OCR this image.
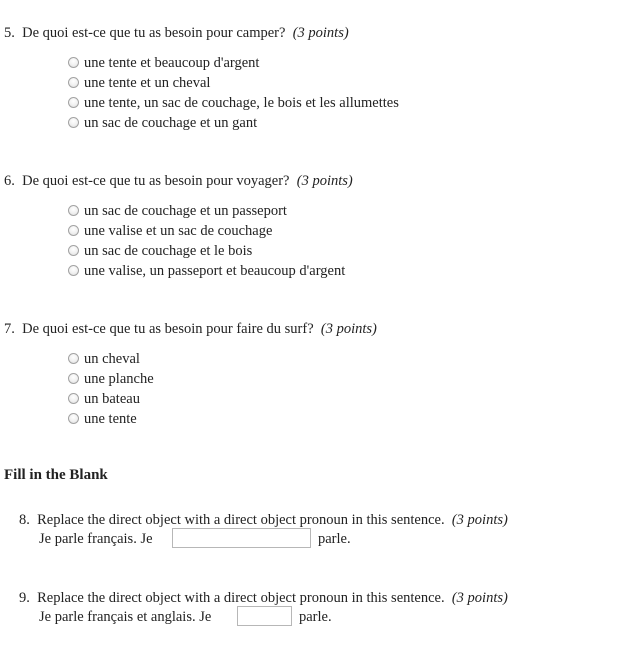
5. De quoi est-ce que tu as besoin pour camper? (3 points)
une tente et beaucoup d'argent
une tente et un cheval
une tente, un sac de couchage, le bois et les allumettes
un sac de couchage et un gant
6. De quoi est-ce que tu as besoin pour voyager? (3 points)
un sac de couchage et un passeport
une valise et un sac de couchage
un sac de couchage et le bois
une valise, un passeport et beaucoup d'argent
7. De quoi est-ce que tu as besoin pour faire du surf? (3 points)
un cheval
une planche
un bateau
une tente
Fill in the Blank
8. Replace the direct object with a direct object pronoun in this sentence. (3 points)
Je parle français. Je	parle.
9. Replace the direct object with a direct object pronoun in this sentence. (3 points)
Je parle français et anglais. Je	parle.
